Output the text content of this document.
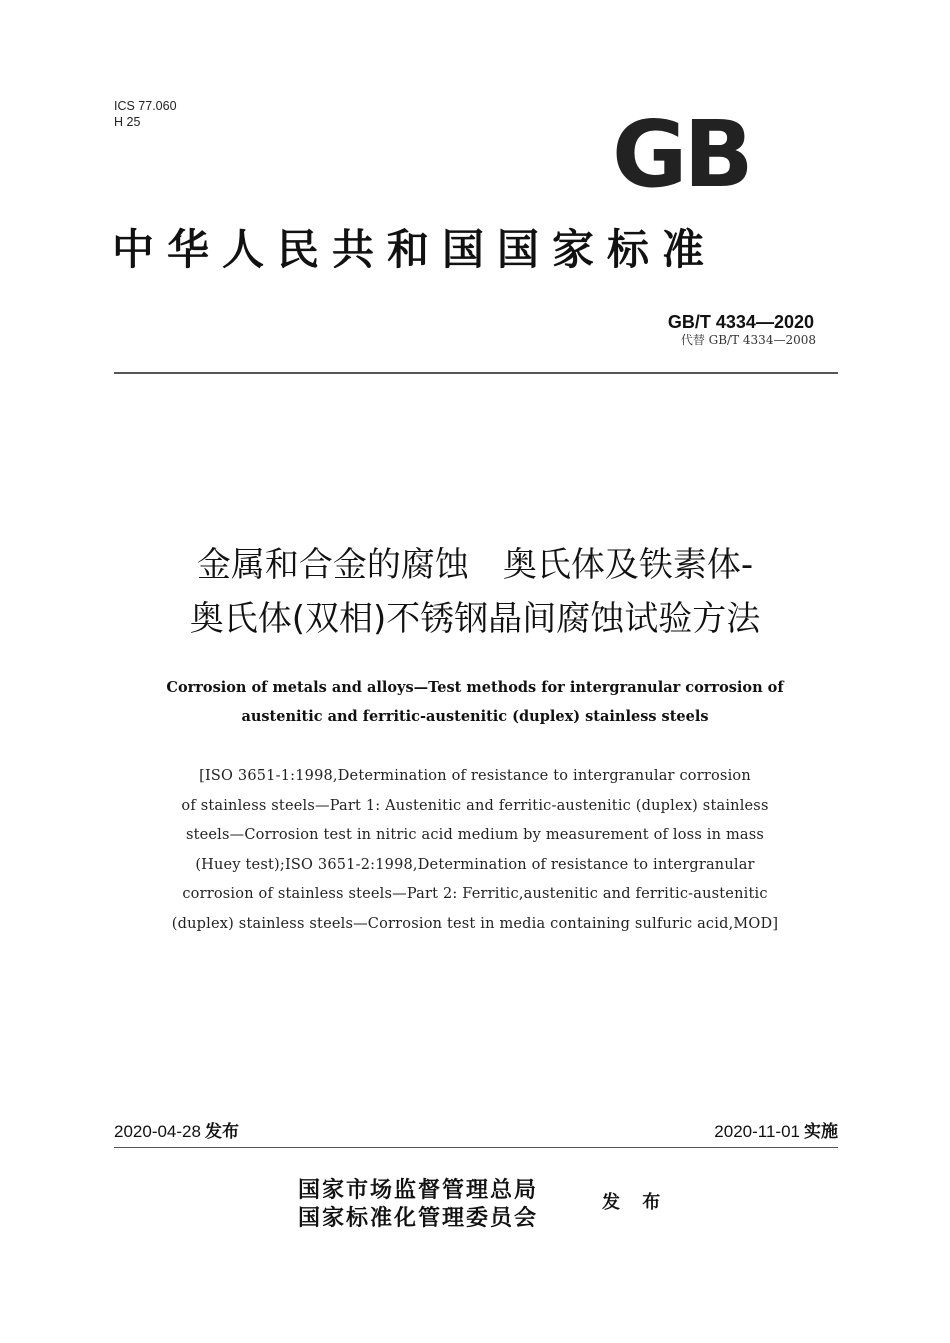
ICS 77.060
H 25	GB
中华人民共和国国家标准
GB/T 4334—2020
代替 GB/T 4334—2008
金属和合金的腐蚀　奥氏体及铁素体-
奥氏体(双相)不锈钢晶间腐蚀试验方法
Corrosion of metals and alloys—Test methods for intergranular corrosion of
austenitic and ferritic-austenitic (duplex) stainless steels
[ISO 3651-1:1998,Determination of resistance to intergranular corrosion
of stainless steels—Part 1: Austenitic and ferritic-austenitic (duplex) stainless
steels—Corrosion test in nitric acid medium by measurement of loss in mass
(Huey test);ISO 3651-2:1998,Determination of resistance to intergranular
corrosion of stainless steels—Part 2: Ferritic,austenitic and ferritic-austenitic
(duplex) stainless steels—Corrosion test in media containing sulfuric acid,MOD]
2020-04-28 发布	2020-11-01 实施
国家市场监督管理总局
国家标准化管理委员会
发 布
